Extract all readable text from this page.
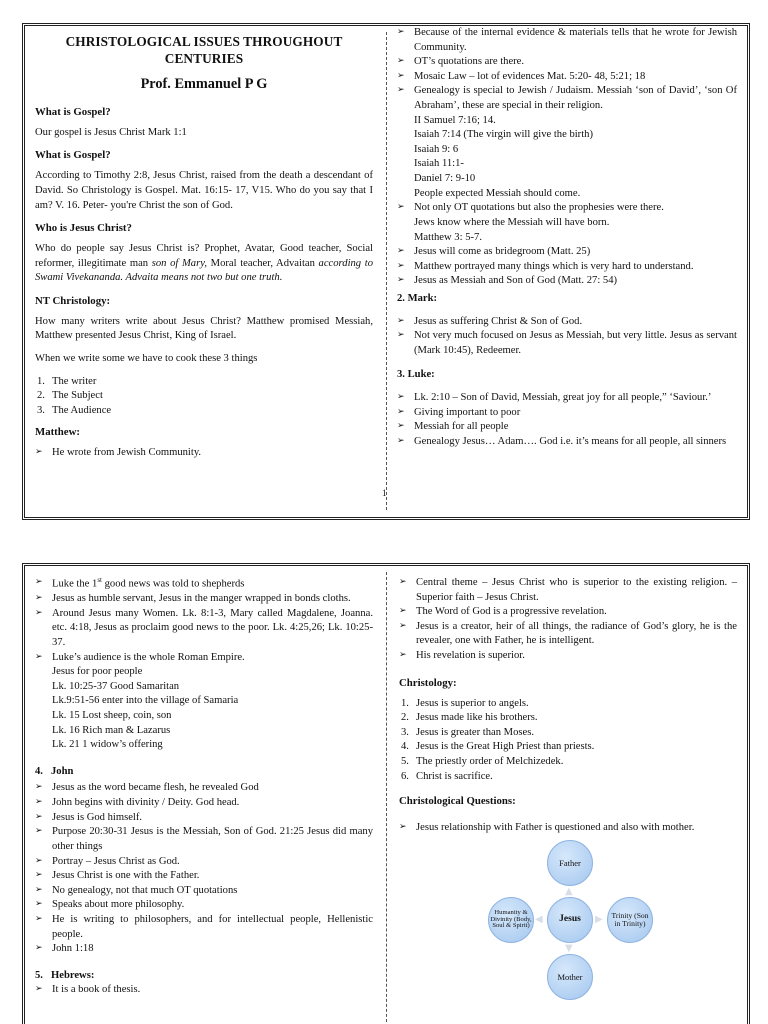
CHRISTOLOGICAL ISSUES THROUGHOUT CENTURIES
Prof. Emmanuel P G
What is Gospel?

Our gospel is Jesus Christ Mark 1:1

What is Gospel?

According to Timothy 2:8, Jesus Christ, raised from the death a descendant of David. So Christology is Gospel. Mat. 16:15- 17, V15. Who do you say that I am? V. 16. Peter- you're Christ the son of God.

Who is Jesus Christ?

Who do people say Jesus Christ is? Prophet, Avatar, Good teacher, Social reformer, illegitimate man son of Mary, Moral teacher, Advaitan according to Swami Vivekananda. Advaita means not two but one truth.

NT Christology:

How many writers write about Jesus Christ? Matthew promised Messiah, Matthew presented Jesus Christ, King of Israel.

When we write some we have to cook these 3 things

1. The writer
2. The Subject
3. The Audience
Matthew:
➢ He wrote from Jewish Community.
➢ Because of the internal evidence & materials tells that he wrote for Jewish Community.
➢ OT’s quotations are there.
➢ Mosaic Law – lot of evidences Mat. 5:20- 48, 5:21; 18
➢ Genealogy is special to Jewish / Judaism. Messiah ‘son of David’, ‘son Of Abraham’, these are special in their religion.
II Samuel 7:16; 14.
Isaiah 7:14 (The virgin will give the birth)
Isaiah 9: 6
Isaiah 11:1-
Daniel 7: 9-10
People expected Messiah should come.
➢ Not only OT quotations but also the prophesies were there.
Jews know where the Messiah will have born.
Matthew 3: 5-7.
➢ Jesus will come as bridegroom (Matt. 25)
➢ Matthew portrayed many things which is very hard to understand.
➢ Jesus as Messiah and Son of God (Matt. 27: 54)
2. Mark:
➢ Jesus as suffering Christ & Son of God.
➢ Not very much focused on Jesus as Messiah, but very little. Jesus as servant (Mark 10:45), Redeemer.
3. Luke:
➢ Lk. 2:10 – Son of David, Messiah, great joy for all people,” ‘Saviour.’
➢ Giving important to poor
➢ Messiah for all people
➢ Genealogy Jesus… Adam…. God i.e. it’s means for all people, all sinners
1
➢ Luke the 1st good news was told to shepherds
➢ Jesus as humble servant, Jesus in the manger wrapped in bonds cloths.
➢ Around Jesus many Women. Lk. 8:1-3, Mary called Magdalene, Joanna. etc. 4:18, Jesus as proclaim good news to the poor. Lk. 4:25,26; Lk. 10:25-37.
➢ Luke’s audience is the whole Roman Empire.
Jesus for poor people
Lk. 10:25-37 Good Samaritan
Lk.9:51-56 enter into the village of Samaria
Lk. 15 Lost sheep, coin, son
Lk. 16 Rich man & Lazarus
Lk. 21 1 widow’s offering
4. John
➢ Jesus as the word became flesh, he revealed God
➢ John begins with divinity / Deity. God head.
➢ Jesus is God himself.
➢ Purpose 20:30-31 Jesus is the Messiah, Son of God. 21:25 Jesus did many other things
➢ Portray – Jesus Christ as God.
➢ Jesus Christ is one with the Father.
➢ No genealogy, not that much OT quotations
➢ Speaks about more philosophy.
➢ He is writing to philosophers, and for intellectual people, Hellenistic people.
➢ John 1:18
5. Hebrews:
➢ It is a book of thesis.
➢ Central theme – Jesus Christ who is superior to the existing religion. – Superior faith – Jesus Christ.
➢ The Word of God is a progressive revelation.
➢ Jesus is a creator, heir of all things, the radiance of God’s glory, he is the revealer, one with Father, he is intelligent.
➢ His revelation is superior.
Christology:
1. Jesus is superior to angels.
2. Jesus made like his brothers.
3. Jesus is greater than Moses.
4. Jesus is the Great High Priest than priests.
5. The priestly order of Melchizedek.
6. Christ is sacrifice.
Christological Questions:
➢ Jesus relationship with Father is questioned and also with mother.
Father
Humanity & Divinity (Body, Soul & Spirit)
Jesus	Trinity (Son in Trinity)
Mother
▲
▼
◀	▶
